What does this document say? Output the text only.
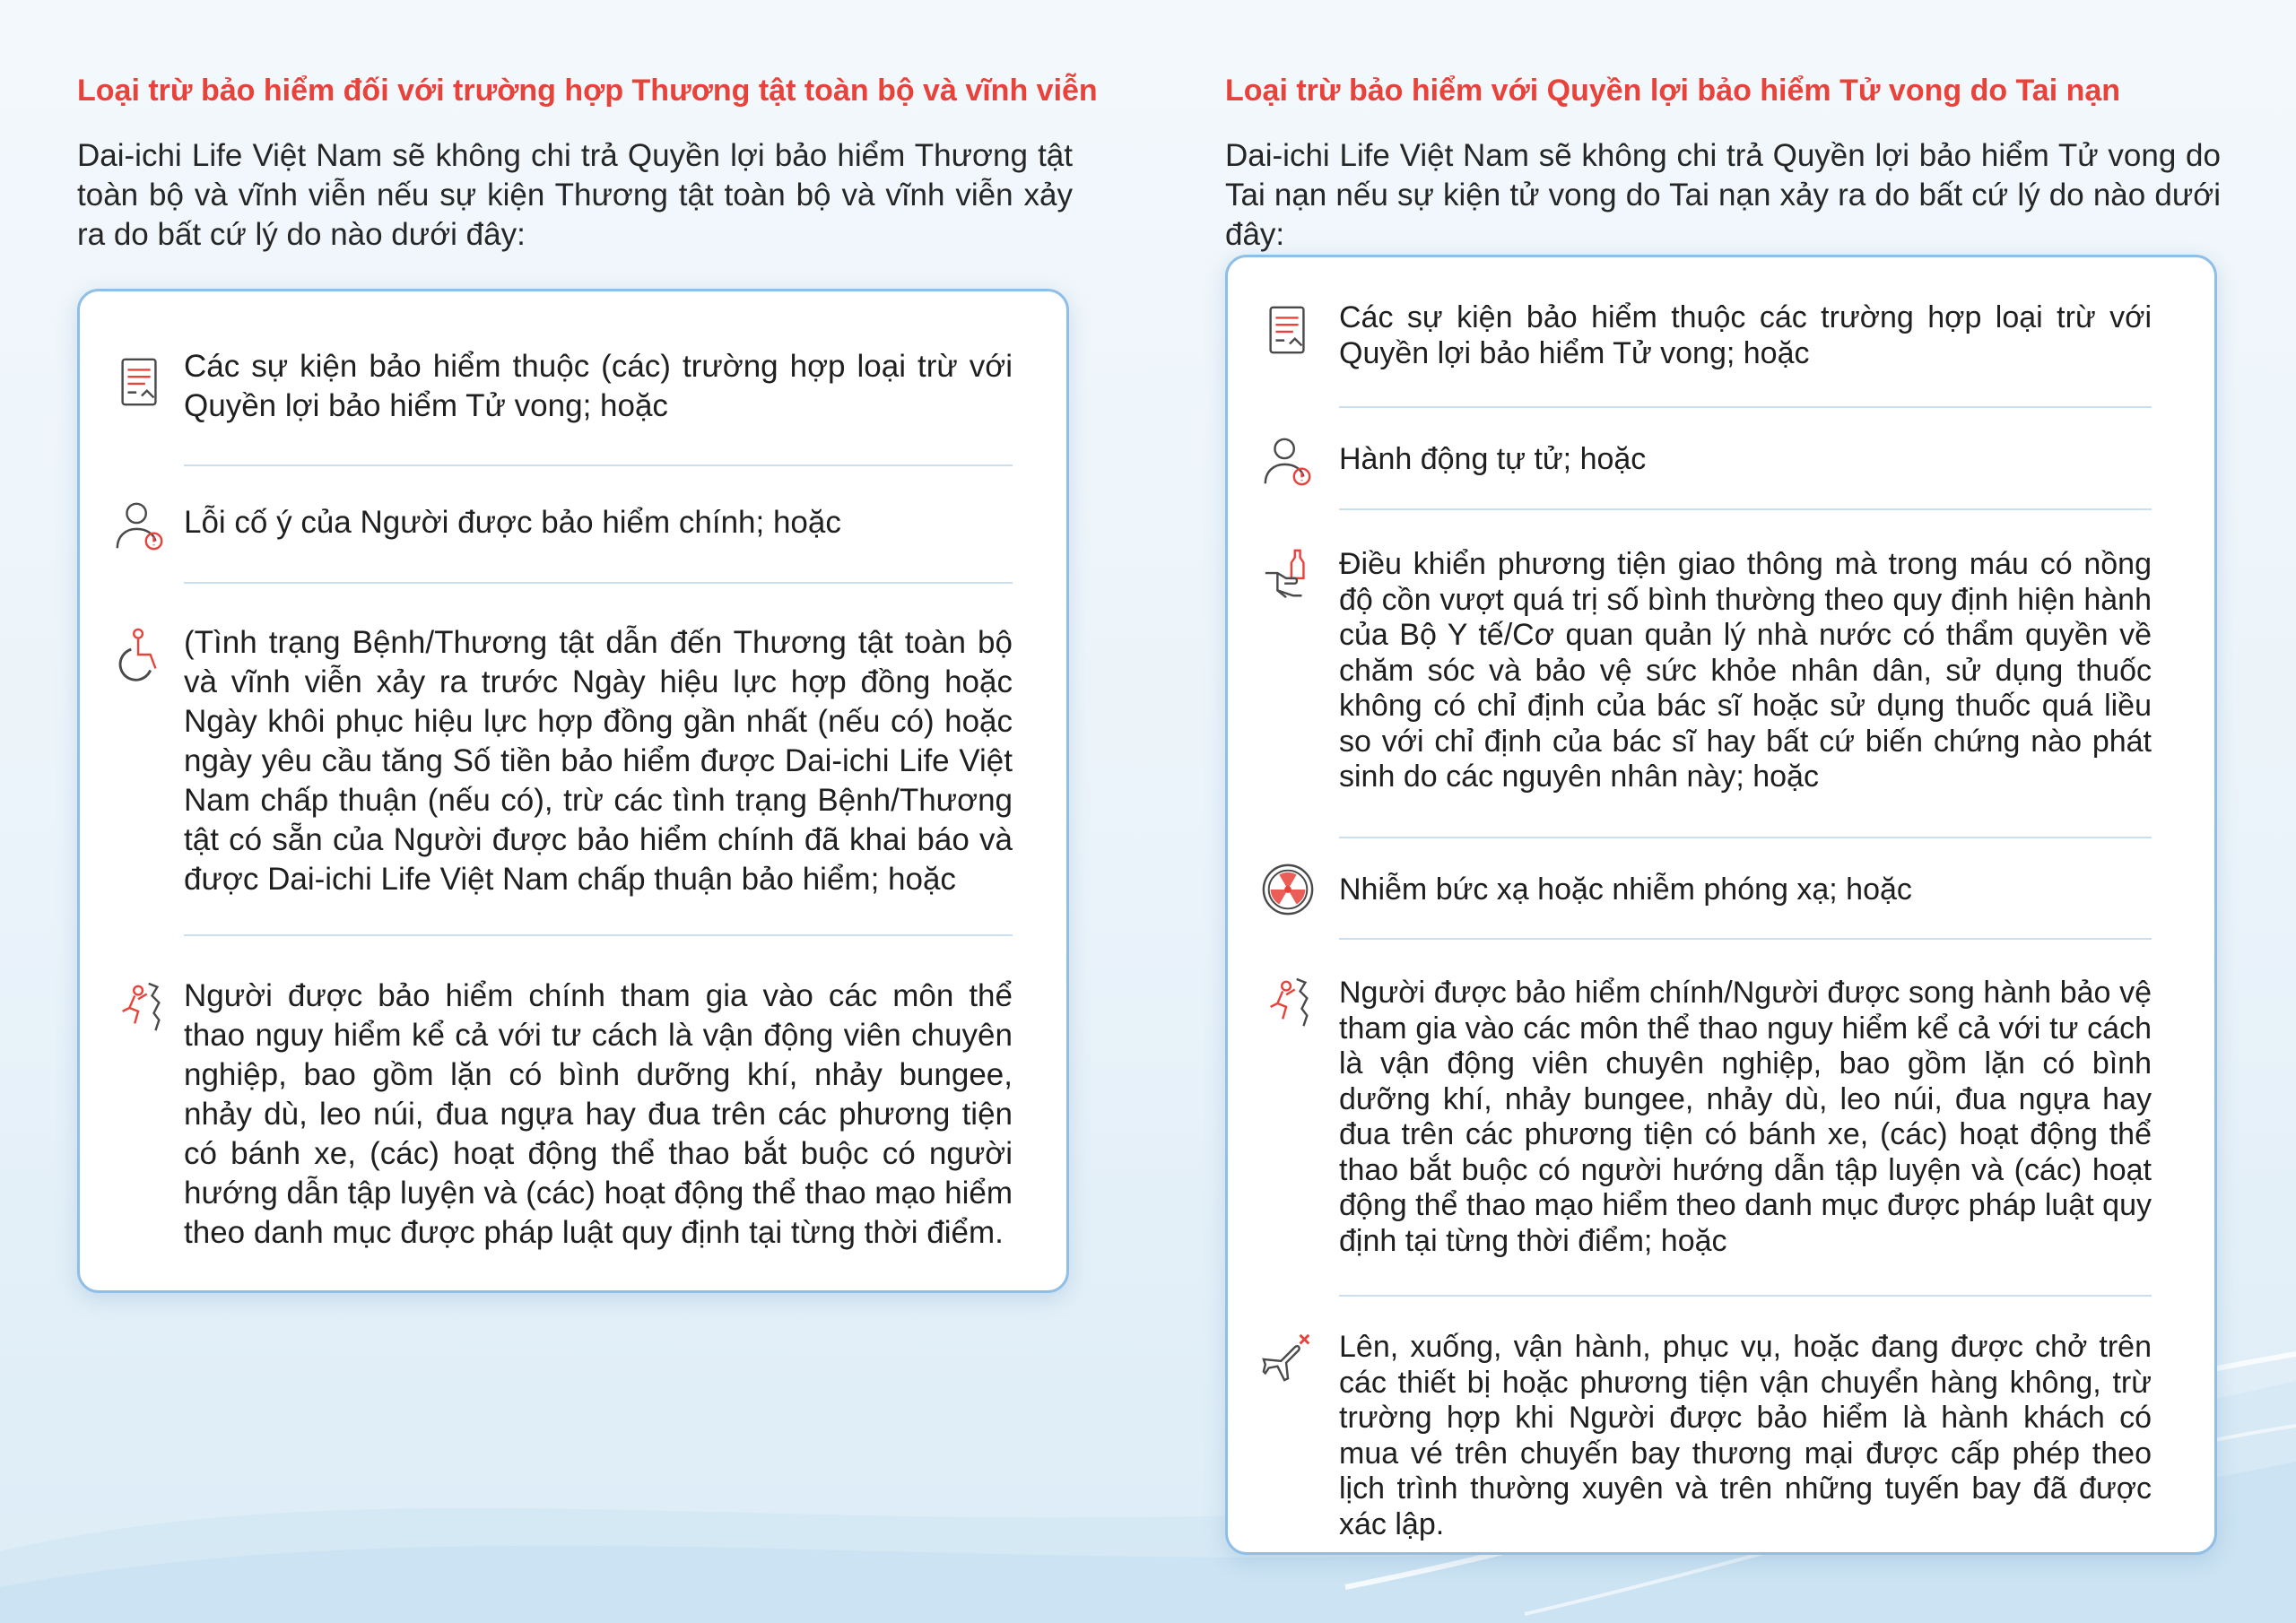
Loại trừ bảo hiểm đối với trường hợp Thương tật toàn bộ và vĩnh viễn
Dai-ichi Life Việt Nam sẽ không chi trả Quyền lợi bảo hiểm Thương tật toàn bộ và vĩnh viễn nếu sự kiện Thương tật toàn bộ và vĩnh viễn xảy ra do bất cứ lý do nào dưới đây:
Các sự kiện bảo hiểm thuộc (các) trường hợp loại trừ với Quyền lợi bảo hiểm Tử vong; hoặc
Lỗi cố ý của Người được bảo hiểm chính; hoặc
(Tình trạng Bệnh/Thương tật dẫn đến Thương tật toàn bộ và vĩnh viễn xảy ra trước Ngày hiệu lực hợp đồng hoặc Ngày khôi phục hiệu lực hợp đồng gần nhất (nếu có) hoặc ngày yêu cầu tăng Số tiền bảo hiểm được Dai-ichi Life Việt Nam chấp thuận (nếu có), trừ các tình trạng Bệnh/Thương tật có sẵn của Người được bảo hiểm chính đã khai báo và được Dai-ichi Life Việt Nam chấp thuận bảo hiểm; hoặc
Người được bảo hiểm chính tham gia vào các môn thể thao nguy hiểm kể cả với tư cách là vận động viên chuyên nghiệp, bao gồm lặn có bình dưỡng khí, nhảy bungee, nhảy dù, leo núi, đua ngựa hay đua trên các phương tiện có bánh xe, (các) hoạt động thể thao bắt buộc có người hướng dẫn tập luyện và (các) hoạt động thể thao mạo hiểm theo danh mục được pháp luật quy định tại từng thời điểm.
Loại trừ bảo hiểm với Quyền lợi bảo hiểm Tử vong do Tai nạn
Dai-ichi Life Việt Nam sẽ không chi trả Quyền lợi bảo hiểm Tử vong do Tai nạn nếu sự kiện tử vong do Tai nạn xảy ra do bất cứ lý do nào dưới đây:
Các sự kiện bảo hiểm thuộc các trường hợp loại trừ với Quyền lợi bảo hiểm Tử vong; hoặc
Hành động tự tử; hoặc
Điều khiển phương tiện giao thông mà trong máu có nồng độ cồn vượt quá trị số bình thường theo quy định hiện hành của Bộ Y tế/Cơ quan quản lý nhà nước có thẩm quyền về chăm sóc và bảo vệ sức khỏe nhân dân, sử dụng thuốc không có chỉ định của bác sĩ hoặc sử dụng thuốc quá liều so với chỉ định của bác sĩ hay bất cứ biến chứng nào phát sinh do các nguyên nhân này; hoặc
Nhiễm bức xạ hoặc nhiễm phóng xạ; hoặc
Người được bảo hiểm chính/Người được song hành bảo vệ tham gia vào các môn thể thao nguy hiểm kể cả với tư cách là vận động viên chuyên nghiệp, bao gồm lặn có bình dưỡng khí, nhảy bungee, nhảy dù, leo núi, đua ngựa hay đua trên các phương tiện có bánh xe, (các) hoạt động thể thao bắt buộc có người hướng dẫn tập luyện và (các) hoạt động thể thao mạo hiểm theo danh mục được pháp luật quy định tại từng thời điểm; hoặc
Lên, xuống, vận hành, phục vụ, hoặc đang được chở trên các thiết bị hoặc phương tiện vận chuyển hàng không, trừ trường hợp khi Người được bảo hiểm là hành khách có mua vé trên chuyến bay thương mại được cấp phép theo lịch trình thường xuyên và trên những tuyến bay đã được xác lập.
